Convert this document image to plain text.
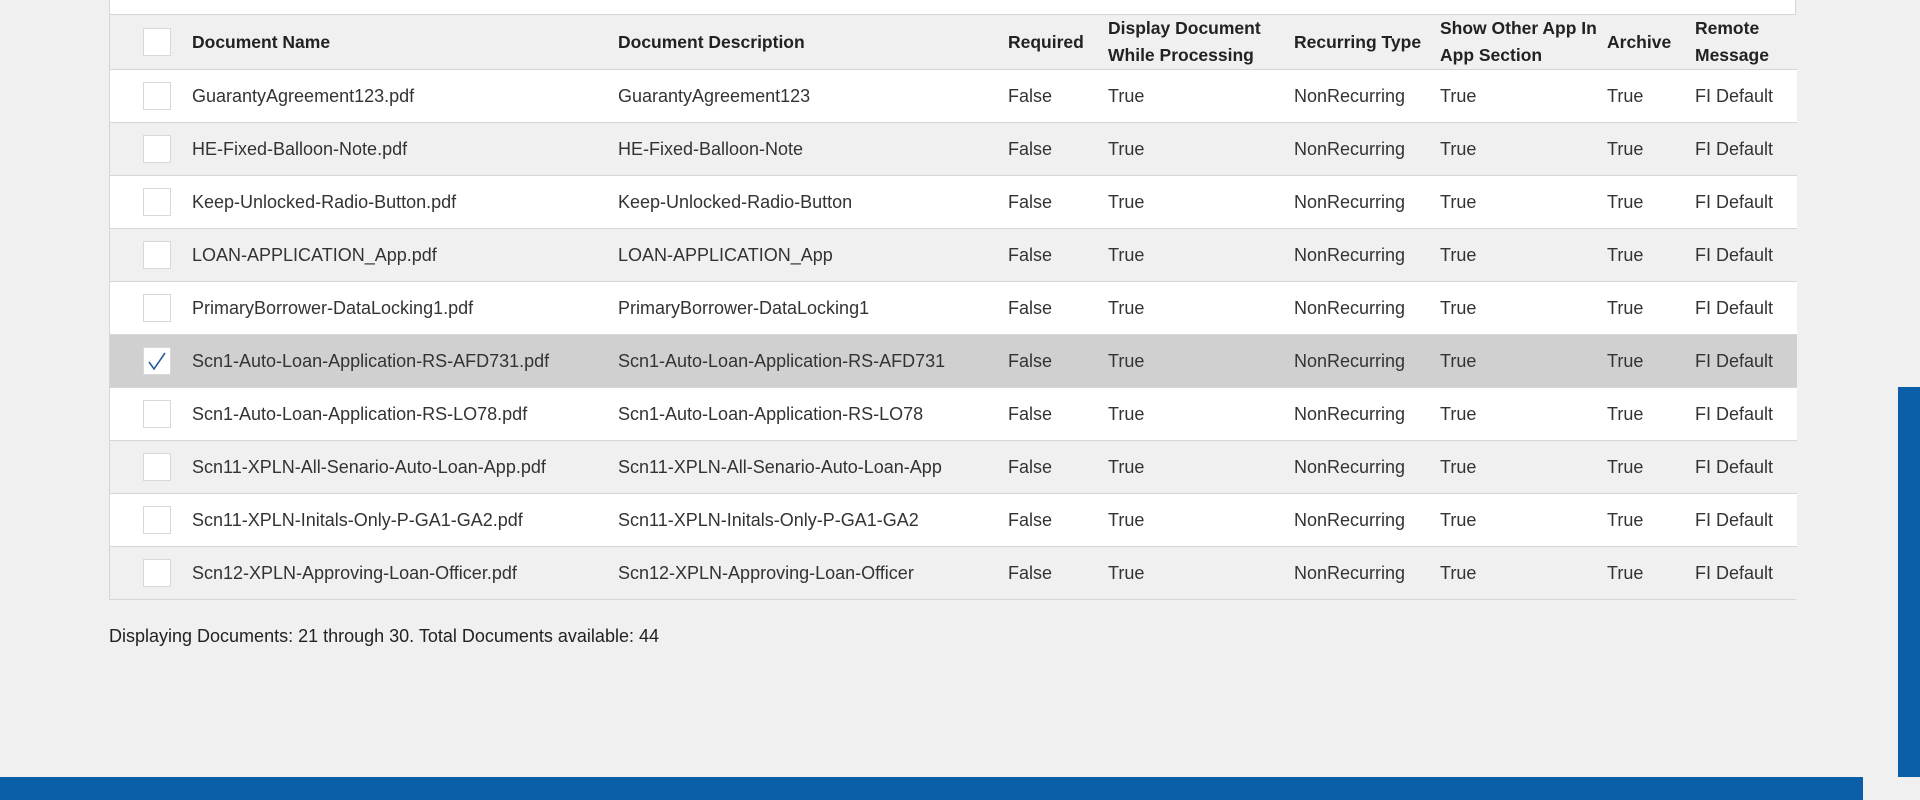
	Document Name	Document Description	Required	Display Document While Processing	Recurring Type	Show Other App In App Section	Archive	Remote Message

	GuarantyAgreement123.pdf	GuarantyAgreement123	False	True	NonRecurring	True	True	FI Default

	HE-Fixed-Balloon-Note.pdf	HE-Fixed-Balloon-Note	False	True	NonRecurring	True	True	FI Default

	Keep-Unlocked-Radio-Button.pdf	Keep-Unlocked-Radio-Button	False	True	NonRecurring	True	True	FI Default

	LOAN-APPLICATION_App.pdf	LOAN-APPLICATION_App	False	True	NonRecurring	True	True	FI Default

	PrimaryBorrower-DataLocking1.pdf	PrimaryBorrower-DataLocking1	False	True	NonRecurring	True	True	FI Default

	Scn1-Auto-Loan-Application-RS-AFD731.pdf	Scn1-Auto-Loan-Application-RS-AFD731	False	True	NonRecurring	True	True	FI Default

	Scn1-Auto-Loan-Application-RS-LO78.pdf	Scn1-Auto-Loan-Application-RS-LO78	False	True	NonRecurring	True	True	FI Default

	Scn11-XPLN-All-Senario-Auto-Loan-App.pdf	Scn11-XPLN-All-Senario-Auto-Loan-App	False	True	NonRecurring	True	True	FI Default

	Scn11-XPLN-Initals-Only-P-GA1-GA2.pdf	Scn11-XPLN-Initals-Only-P-GA1-GA2	False	True	NonRecurring	True	True	FI Default

	Scn12-XPLN-Approving-Loan-Officer.pdf	Scn12-XPLN-Approving-Loan-Officer	False	True	NonRecurring	True	True	FI Default
Displaying Documents: 21 through 30. Total Documents available: 44
